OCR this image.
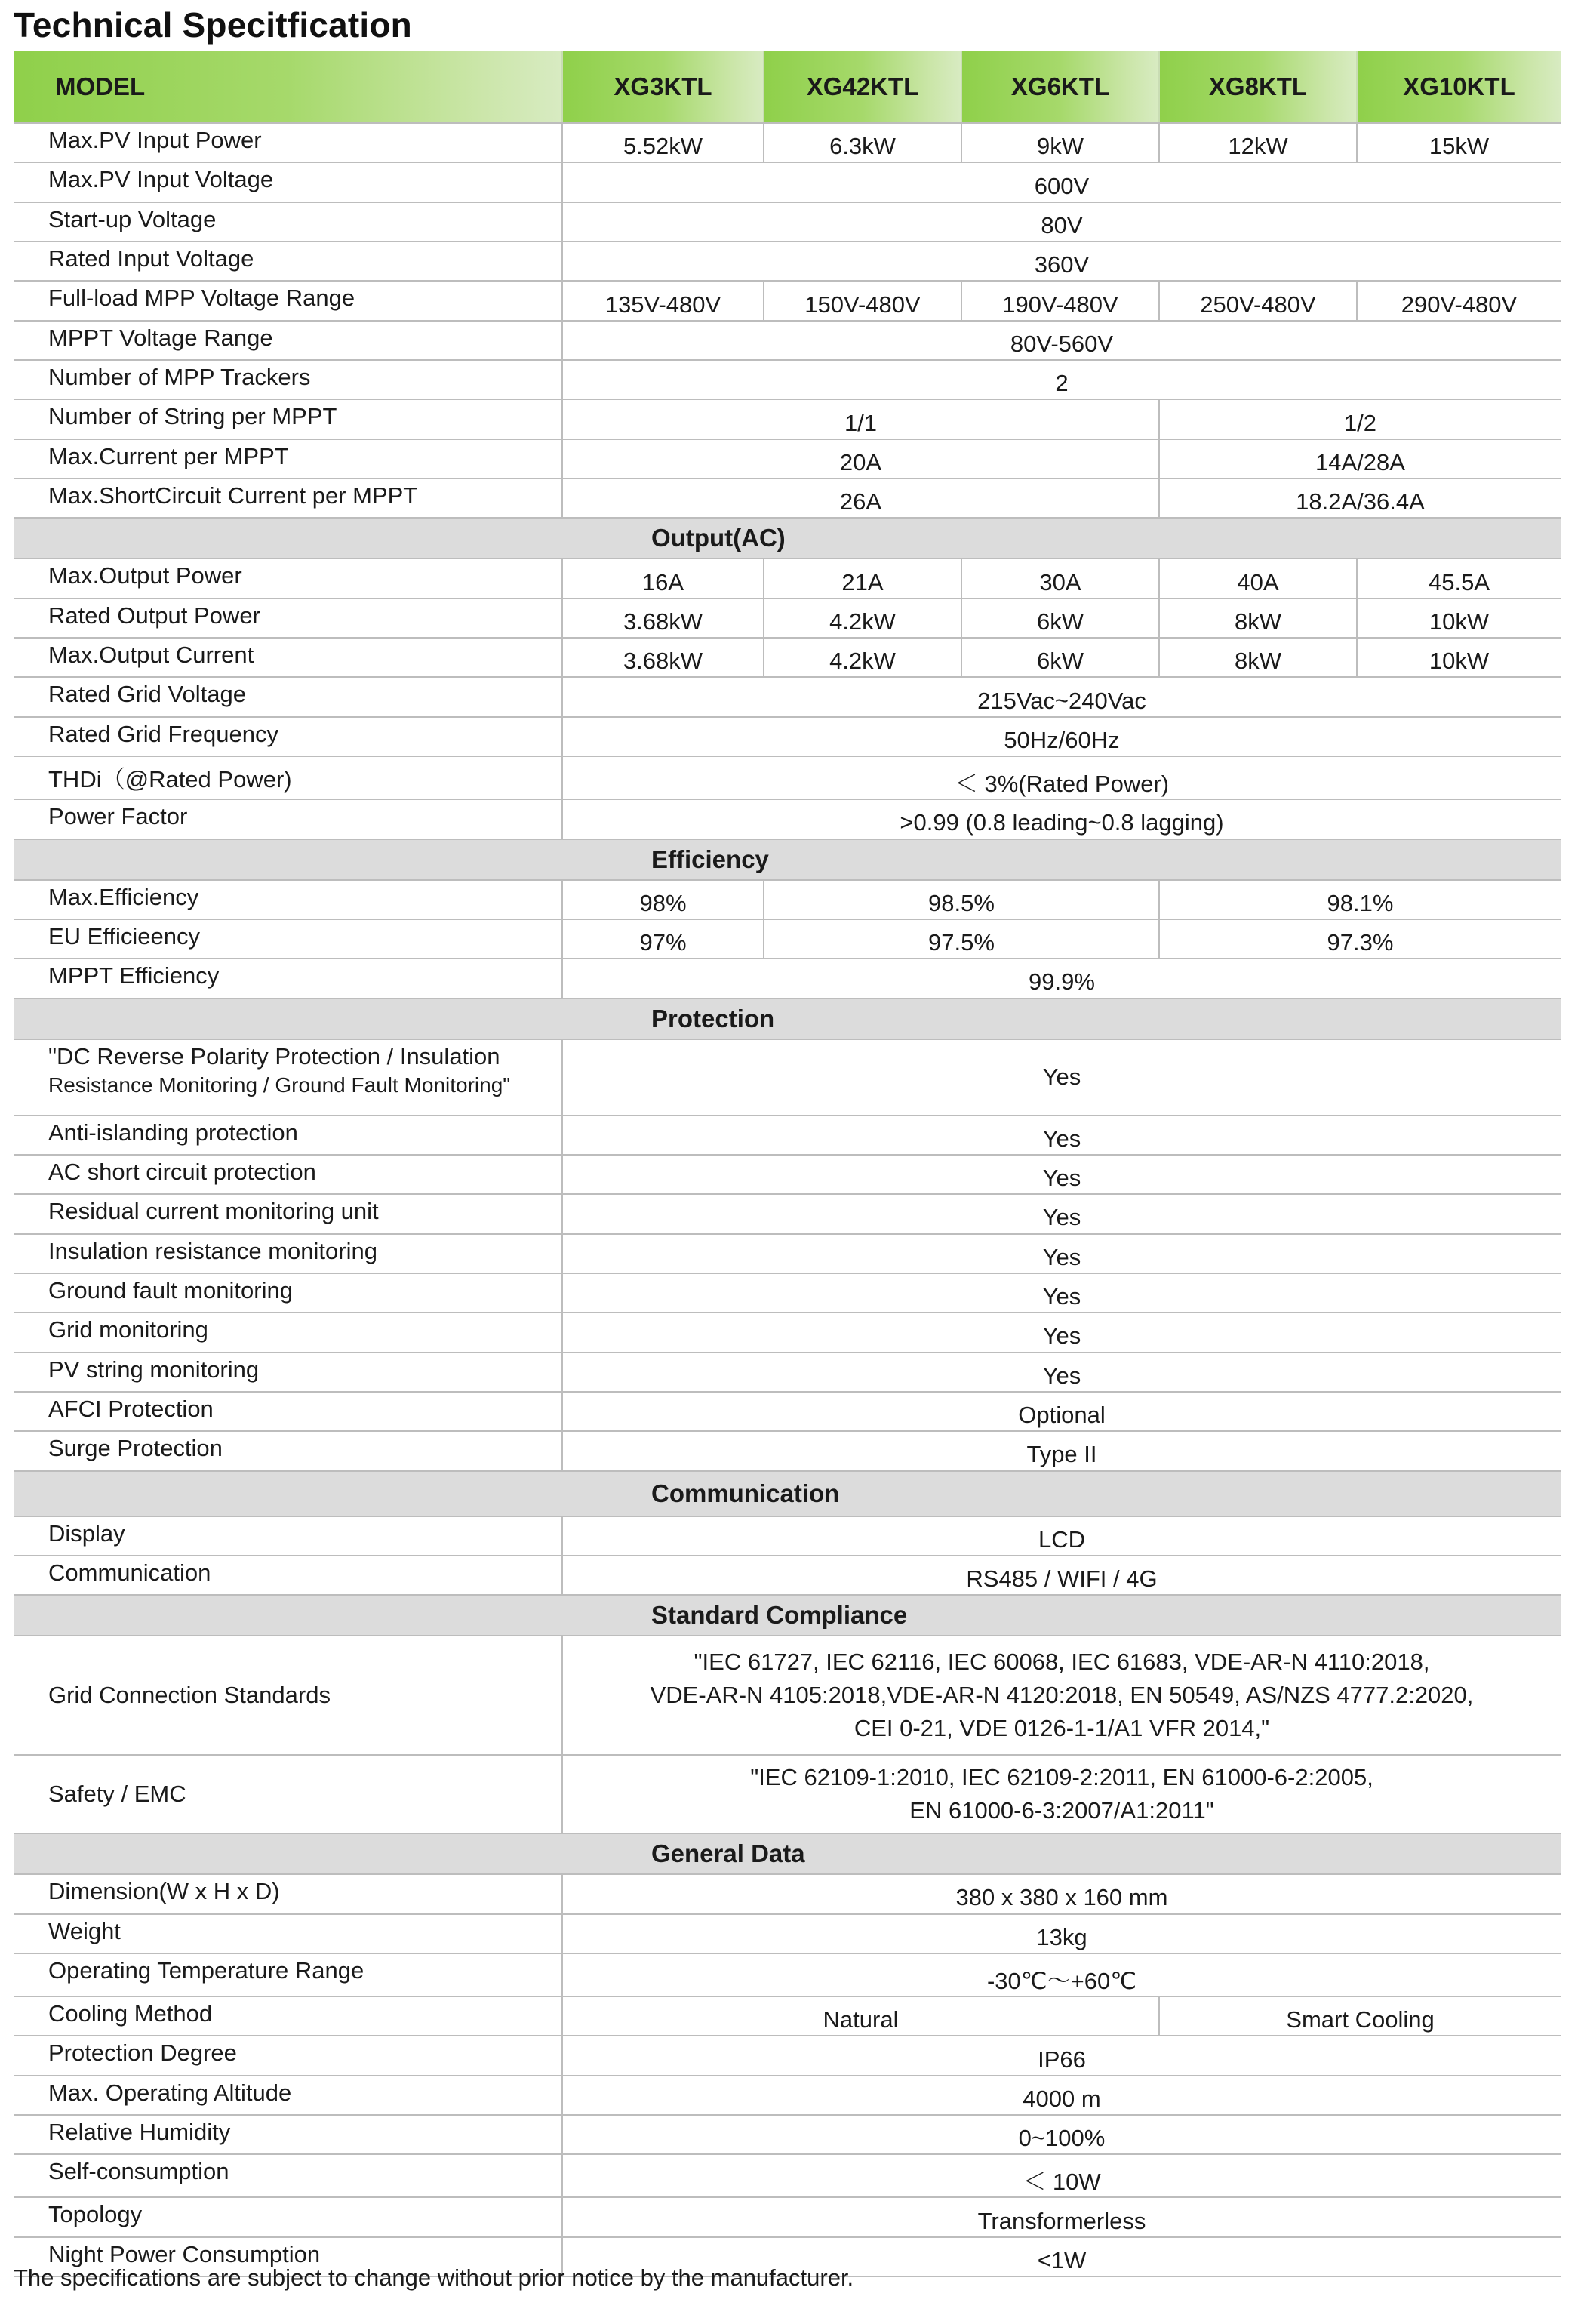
Technical Specitfication
MODEL	XG3KTL	XG42KTL	XG6KTL	XG8KTL	XG10KTL
Max.PV Input Power	5.52kW	6.3kW	9kW	12kW	15kW
Max.PV Input Voltage	600V				
Start-up Voltage	80V				
Rated Input Voltage	360V				
Full-load MPP Voltage Range	135V-480V	150V-480V	190V-480V	250V-480V	290V-480V
MPPT Voltage Range	80V-560V				
Number of MPP Trackers	2				
Number of String per MPPT	1/1			1/2	
Max.Current per MPPT	20A			14A/28A	
Max.ShortCircuit Current per MPPT	26A			18.2A/36.4A	
Output(AC)					
Max.Output Power	16A	21A	30A	40A	45.5A
Rated Output Power	3.68kW	4.2kW	6kW	8kW	10kW
Max.Output Current	3.68kW	4.2kW	6kW	8kW	10kW
Rated Grid Voltage	215Vac~240Vac				
Rated Grid Frequency	50Hz/60Hz				
THDi（@Rated Power)	＜ 3%(Rated Power)				
Power Factor	>0.99 (0.8 leading~0.8 lagging)				
Efficiency					
Max.Efficiency	98%	98.5%		98.1%	
EU Efficieency	97%	97.5%		97.3%	
MPPT Efficiency	99.9%				
Protection					

"DC Reverse Polarity Protection / Insulation
Resistance Monitoring / Ground Fault Monitoring"	Yes				
Anti-islanding protection	Yes				
AC short circuit protection	Yes				
Residual current monitoring unit	Yes				
Insulation resistance monitoring	Yes				
Ground fault monitoring	Yes				
Grid monitoring	Yes				
PV string monitoring	Yes				
AFCI Protection	Optional				
Surge Protection	Type II				
Communication					
Display	LCD				
Communication	RS485 / WIFI / 4G				
Standard Compliance					
Grid Connection Standards	"IEC 61727, IEC 62116, IEC 60068, IEC 61683, VDE-AR-N 4110:2018,
VDE-AR-N 4105:2018,VDE-AR-N 4120:2018, EN 50549, AS/NZS 4777.2:2020,
CEI 0-21, VDE 0126-1-1/A1 VFR 2014,"				

Safety / EMC	"IEC 62109-1:2010, IEC 62109-2:2011, EN 61000-6-2:2005,
EN 61000-6-3:2007/A1:2011"				

General Data					
Dimension(W x H x D)	380 x 380 x 160 mm				
Weight	13kg				
Operating Temperature Range	-30℃～+60℃				
Cooling Method	Natural			Smart Cooling	
Protection Degree	IP66				
Max. Operating Altitude	4000 m				
Relative Humidity	0~100%				
Self-consumption	＜ 10W				
Topology	Transformerless				
Night Power Consumption	<1W				
The specifications are subject to change without prior notice by the manufacturer.
